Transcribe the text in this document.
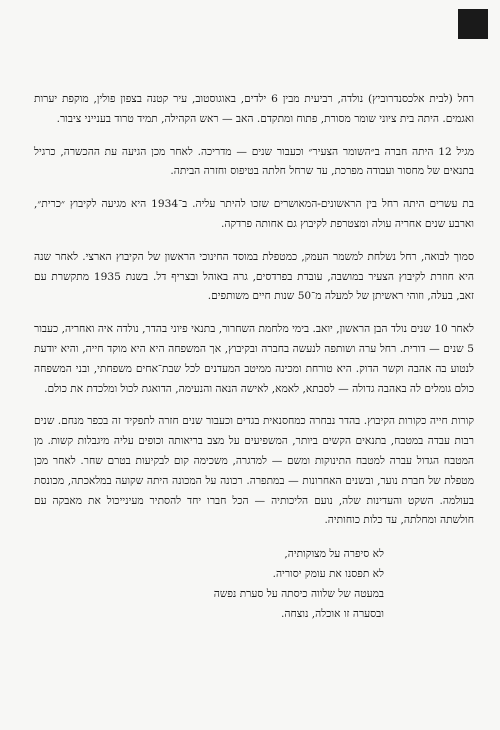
רחל (לבית אלכסנדרוביץ) נולדה, רביעית מבין 6 ילדים, באוגוסטוב, עיר קטנה בצפון פולין, מוקפת יערות ואגמים. היתה בית ציוני שומר מסורת, פתוח ומתקדם. האב — ראש הקהילה, תמיד טרוד בענייני ציבור.

מגיל 12 היתה חברה ב״השומר הצעיר״ וכעבור שנים — מדריכה. לאחר מכן הגיעה עת ההכשרה, כרגיל בתנאים של מחסור ועבודה מפרכת, עד שרחל חלתה בטיפוס וחזרה הביתה.

בת עשרים היתה רחל בין הראשונים-המאושרים שזכו להיתר עליה. ב־1934 היא מגיעה לקיבוץ ״כרית״, וארבע שנים אחריה עולה ומצטרפת לקיבוץ גם אחותה פרדקה.

סמוך לבואה, רחל נשלחת למשמר העמק, כמטפלת במוסד החינוכי הראשון של הקיבוץ הארצי. לאחר שנה היא חוזרת לקיבוץ הצעיר במושבה, עובדת בפרדסים, גרה באוהל ובצריף דל. בשנת 1935 מתקשרת עם זאב, בעלה, וזוהי ראשיתן של למעלה מ־50 שנות חיים משותפים.

לאחר 10 שנים נולד הבן הראשון, יואב. בימי מלחמת השחרור, בתנאי פיוני בהדר, נולדה איה ואחריה, כעבור 5 שנים — דורית. רחל ערה ושותפה לנעשה בחברה ובקיבוץ, אך המשפחה היא היא מוקד חייה, והיא יודעת לנטוע בה אהבה וקשר הדוק. היא טורחת ומכינה ממיטב המעדנים לכל שבת־אחים משפחתי, ובני המשפחה כולם גומלים לה באהבה גדולה — לסבתא, לאמא, לאישה הנאה והנעימה, הדואגת לכול ומלכדת את כולם.

קורות חייה כקורות הקיבוץ. בהדר נבחרה כמחסנאית בגדים וכעבור שנים חזרה לתפקיד זה בכפר מנחם. שנים רבות עבדה במטבח, בתנאים הקשים ביותר, המשפיעים על מצב בריאותה וכופים עליה מיגבלות קשות. מן המטבח הגדול עברה למטבח התינוקות ומשם — למדגרה, משכימה קום לבקיעות בטרם שחר. לאחר מכן מטפלת של חברת נוער, ובשנים האחרונות — במתפרה. רכונה על המכונה היתה שקועה במלאכתה, מכונסת בעולמה. השקט והעדינות שלה, נועם הליכותיה — הכל חברו יחד להסתיר מעינייכול את מאבקה עם חולשתה ומחלתה, עד כלות כוחותיה.

לא סיפרה על מצוקותיה,
לא תפסנו את עומק יסוריה.
במעטה של שלווה כיסתה על סערת נפשה
ובסערה זו אוכלה, נוצחה.
